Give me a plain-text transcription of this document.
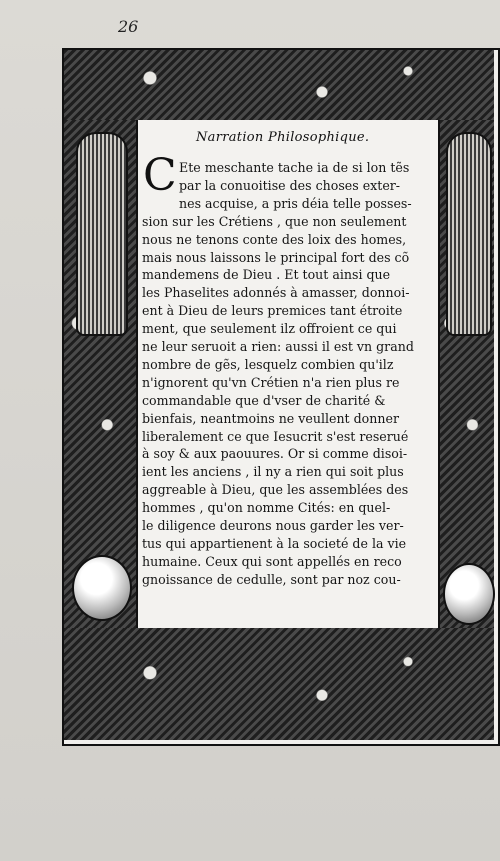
26
Narration Philosophique.
C Ete meschante tache ia de si lon tẽs
par la conuoitise des choses exter-
nes acquise, a pris déia telle posses-
sion sur les Crétiens , que non seulement
nous ne tenons conte des loix des homes,
mais nous laissons le principal fort des cõ
mandemens de Dieu . Et tout ainsi que
les Phaselites adonnés à amasser, donnoi-
ent à Dieu de leurs premices tant étroite
ment, que seulement ilz offroient ce qui
ne leur seruoit a rien: aussi il est vn grand
nombre de gẽs, lesquelz combien qu'ilz
n'ignorent qu'vn Crétien n'a rien plus re
commandable que d'vser de charité &
bienfais, neantmoins ne veullent donner
liberalement ce que Iesucrit s'est reserué
à soy & aux paouures. Or si comme disoi-
ient les anciens , il ny a rien qui soit plus
aggreable à Dieu, que les assemblées des
hommes , qu'on nomme Cités: en quel-
le diligence deurons nous garder les ver-
tus qui appartienent à la societé de la vie
humaine. Ceux qui sont appellés en reco
gnoissance de cedulle, sont par noz cou-
